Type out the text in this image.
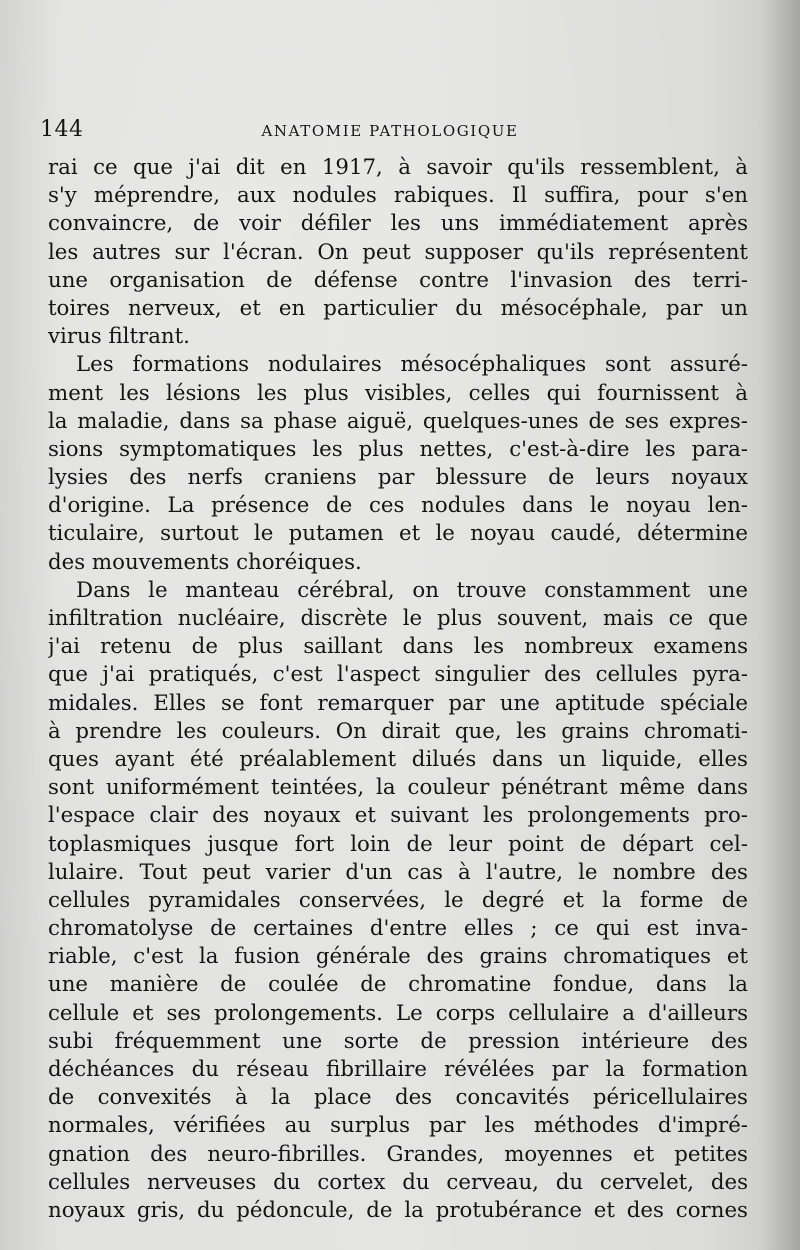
144	ANATOMIE PATHOLOGIQUE
rai ce que j'ai dit en 1917, à savoir qu'ils ressemblent, à
s'y méprendre, aux nodules rabiques. Il suffira, pour s'en
convaincre, de voir défiler les uns immédiatement après
les autres sur l'écran. On peut supposer qu'ils représentent
une organisation de défense contre l'invasion des terri-
toires nerveux, et en particulier du mésocéphale, par un
virus filtrant.
Les formations nodulaires mésocéphaliques sont assuré-
ment les lésions les plus visibles, celles qui fournissent à
la maladie, dans sa phase aiguë, quelques-unes de ses expres-
sions symptomatiques les plus nettes, c'est-à-dire les para-
lysies des nerfs craniens par blessure de leurs noyaux
d'origine. La présence de ces nodules dans le noyau len-
ticulaire, surtout le putamen et le noyau caudé, détermine
des mouvements choréiques.
Dans le manteau cérébral, on trouve constamment une
infiltration nucléaire, discrète le plus souvent, mais ce que
j'ai retenu de plus saillant dans les nombreux examens
que j'ai pratiqués, c'est l'aspect singulier des cellules pyra-
midales. Elles se font remarquer par une aptitude spéciale
à prendre les couleurs. On dirait que, les grains chromati-
ques ayant été préalablement dilués dans un liquide, elles
sont uniformément teintées, la couleur pénétrant même dans
l'espace clair des noyaux et suivant les prolongements pro-
toplasmiques jusque fort loin de leur point de départ cel-
lulaire. Tout peut varier d'un cas à l'autre, le nombre des
cellules pyramidales conservées, le degré et la forme de
chromatolyse de certaines d'entre elles ; ce qui est inva-
riable, c'est la fusion générale des grains chromatiques et
une manière de coulée de chromatine fondue, dans la
cellule et ses prolongements. Le corps cellulaire a d'ailleurs
subi fréquemment une sorte de pression intérieure des
déchéances du réseau fibrillaire révélées par la formation
de convexités à la place des concavités péricellulaires
normales, vérifiées au surplus par les méthodes d'impré-
gnation des neuro-fibrilles. Grandes, moyennes et petites
cellules nerveuses du cortex du cerveau, du cervelet, des
noyaux gris, du pédoncule, de la protubérance et des cornes
